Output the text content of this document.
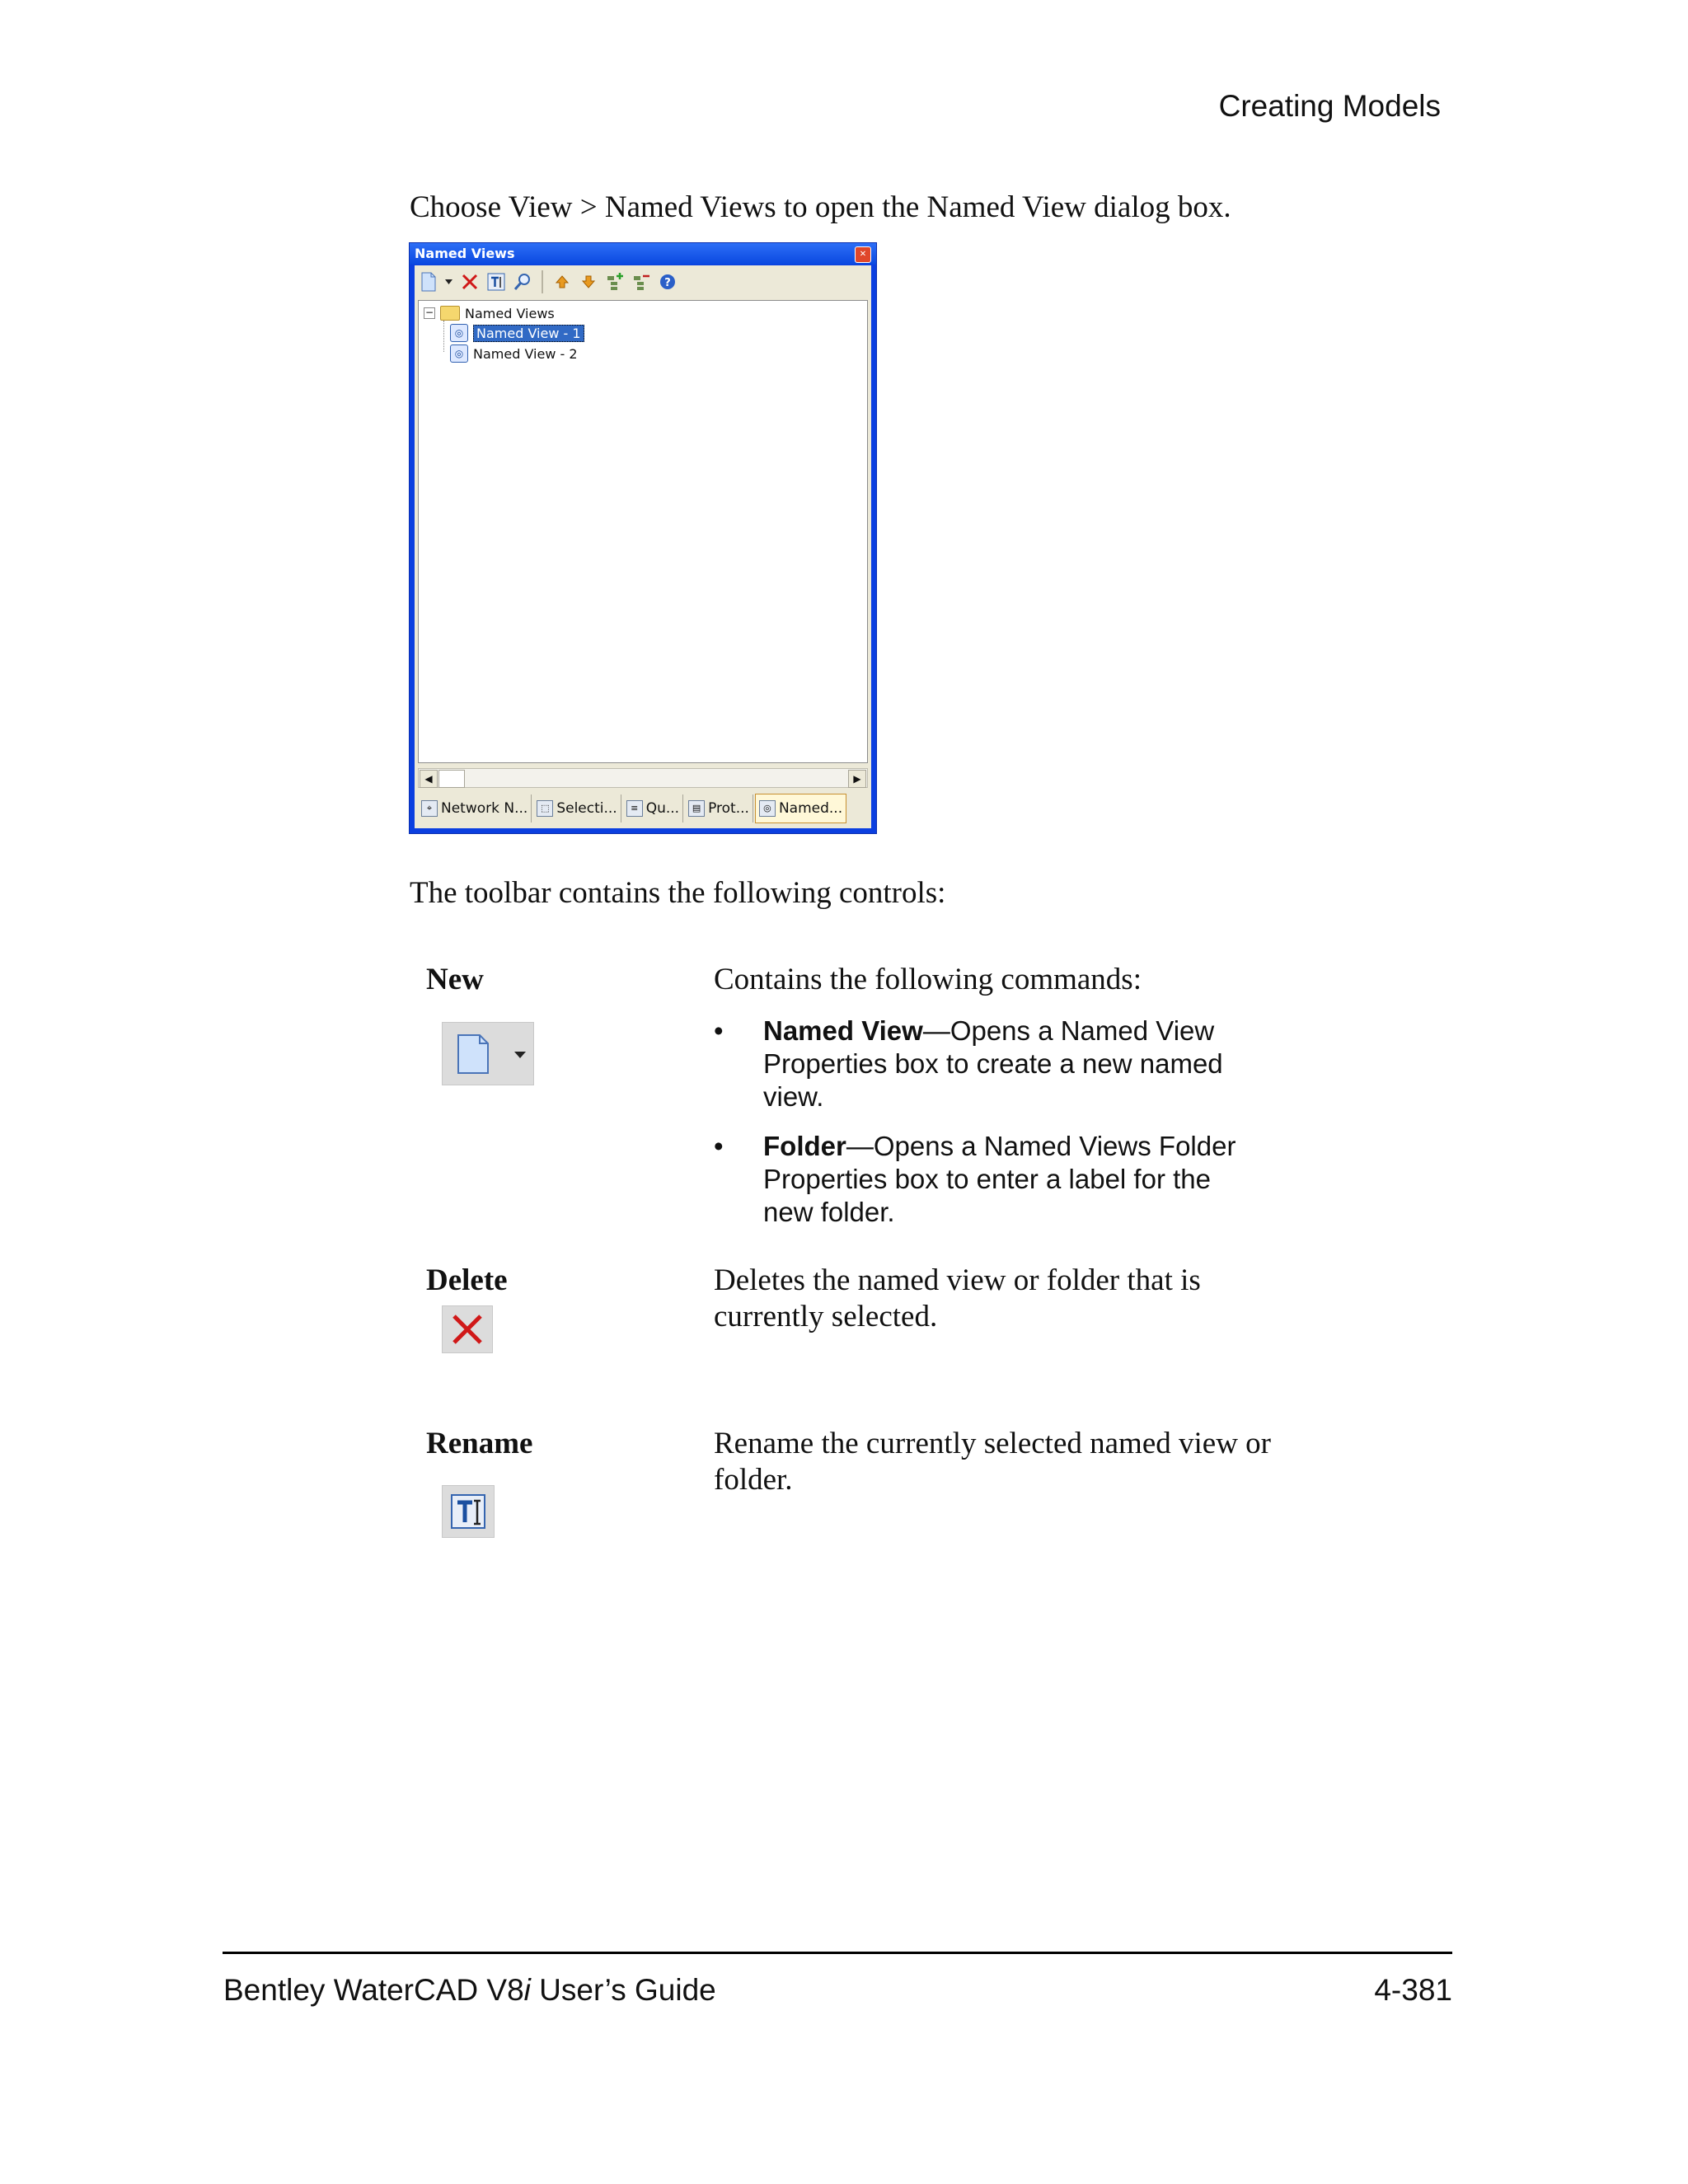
Creating Models
Choose View > Named Views to open the Named View dialog box.
Named Views	×
?
− Named Views
◎ Named View - 1
◎ Named View - 2
◀	▶
⌖ Network N...	⬚ Selecti...	≡ Qu...	▤ Prot...	◎ Named...
The toolbar contains the following controls:
New	Contains the following commands:
• Named View—Opens a Named View Properties box to create a new named view.
• Folder—Opens a Named Views Folder Properties box to enter a label for the new folder.
Delete	Deletes the named view or folder that is currently selected.
Rename	Rename the currently selected named view or folder.
Bentley WaterCAD V8i User’s Guide	4-381
